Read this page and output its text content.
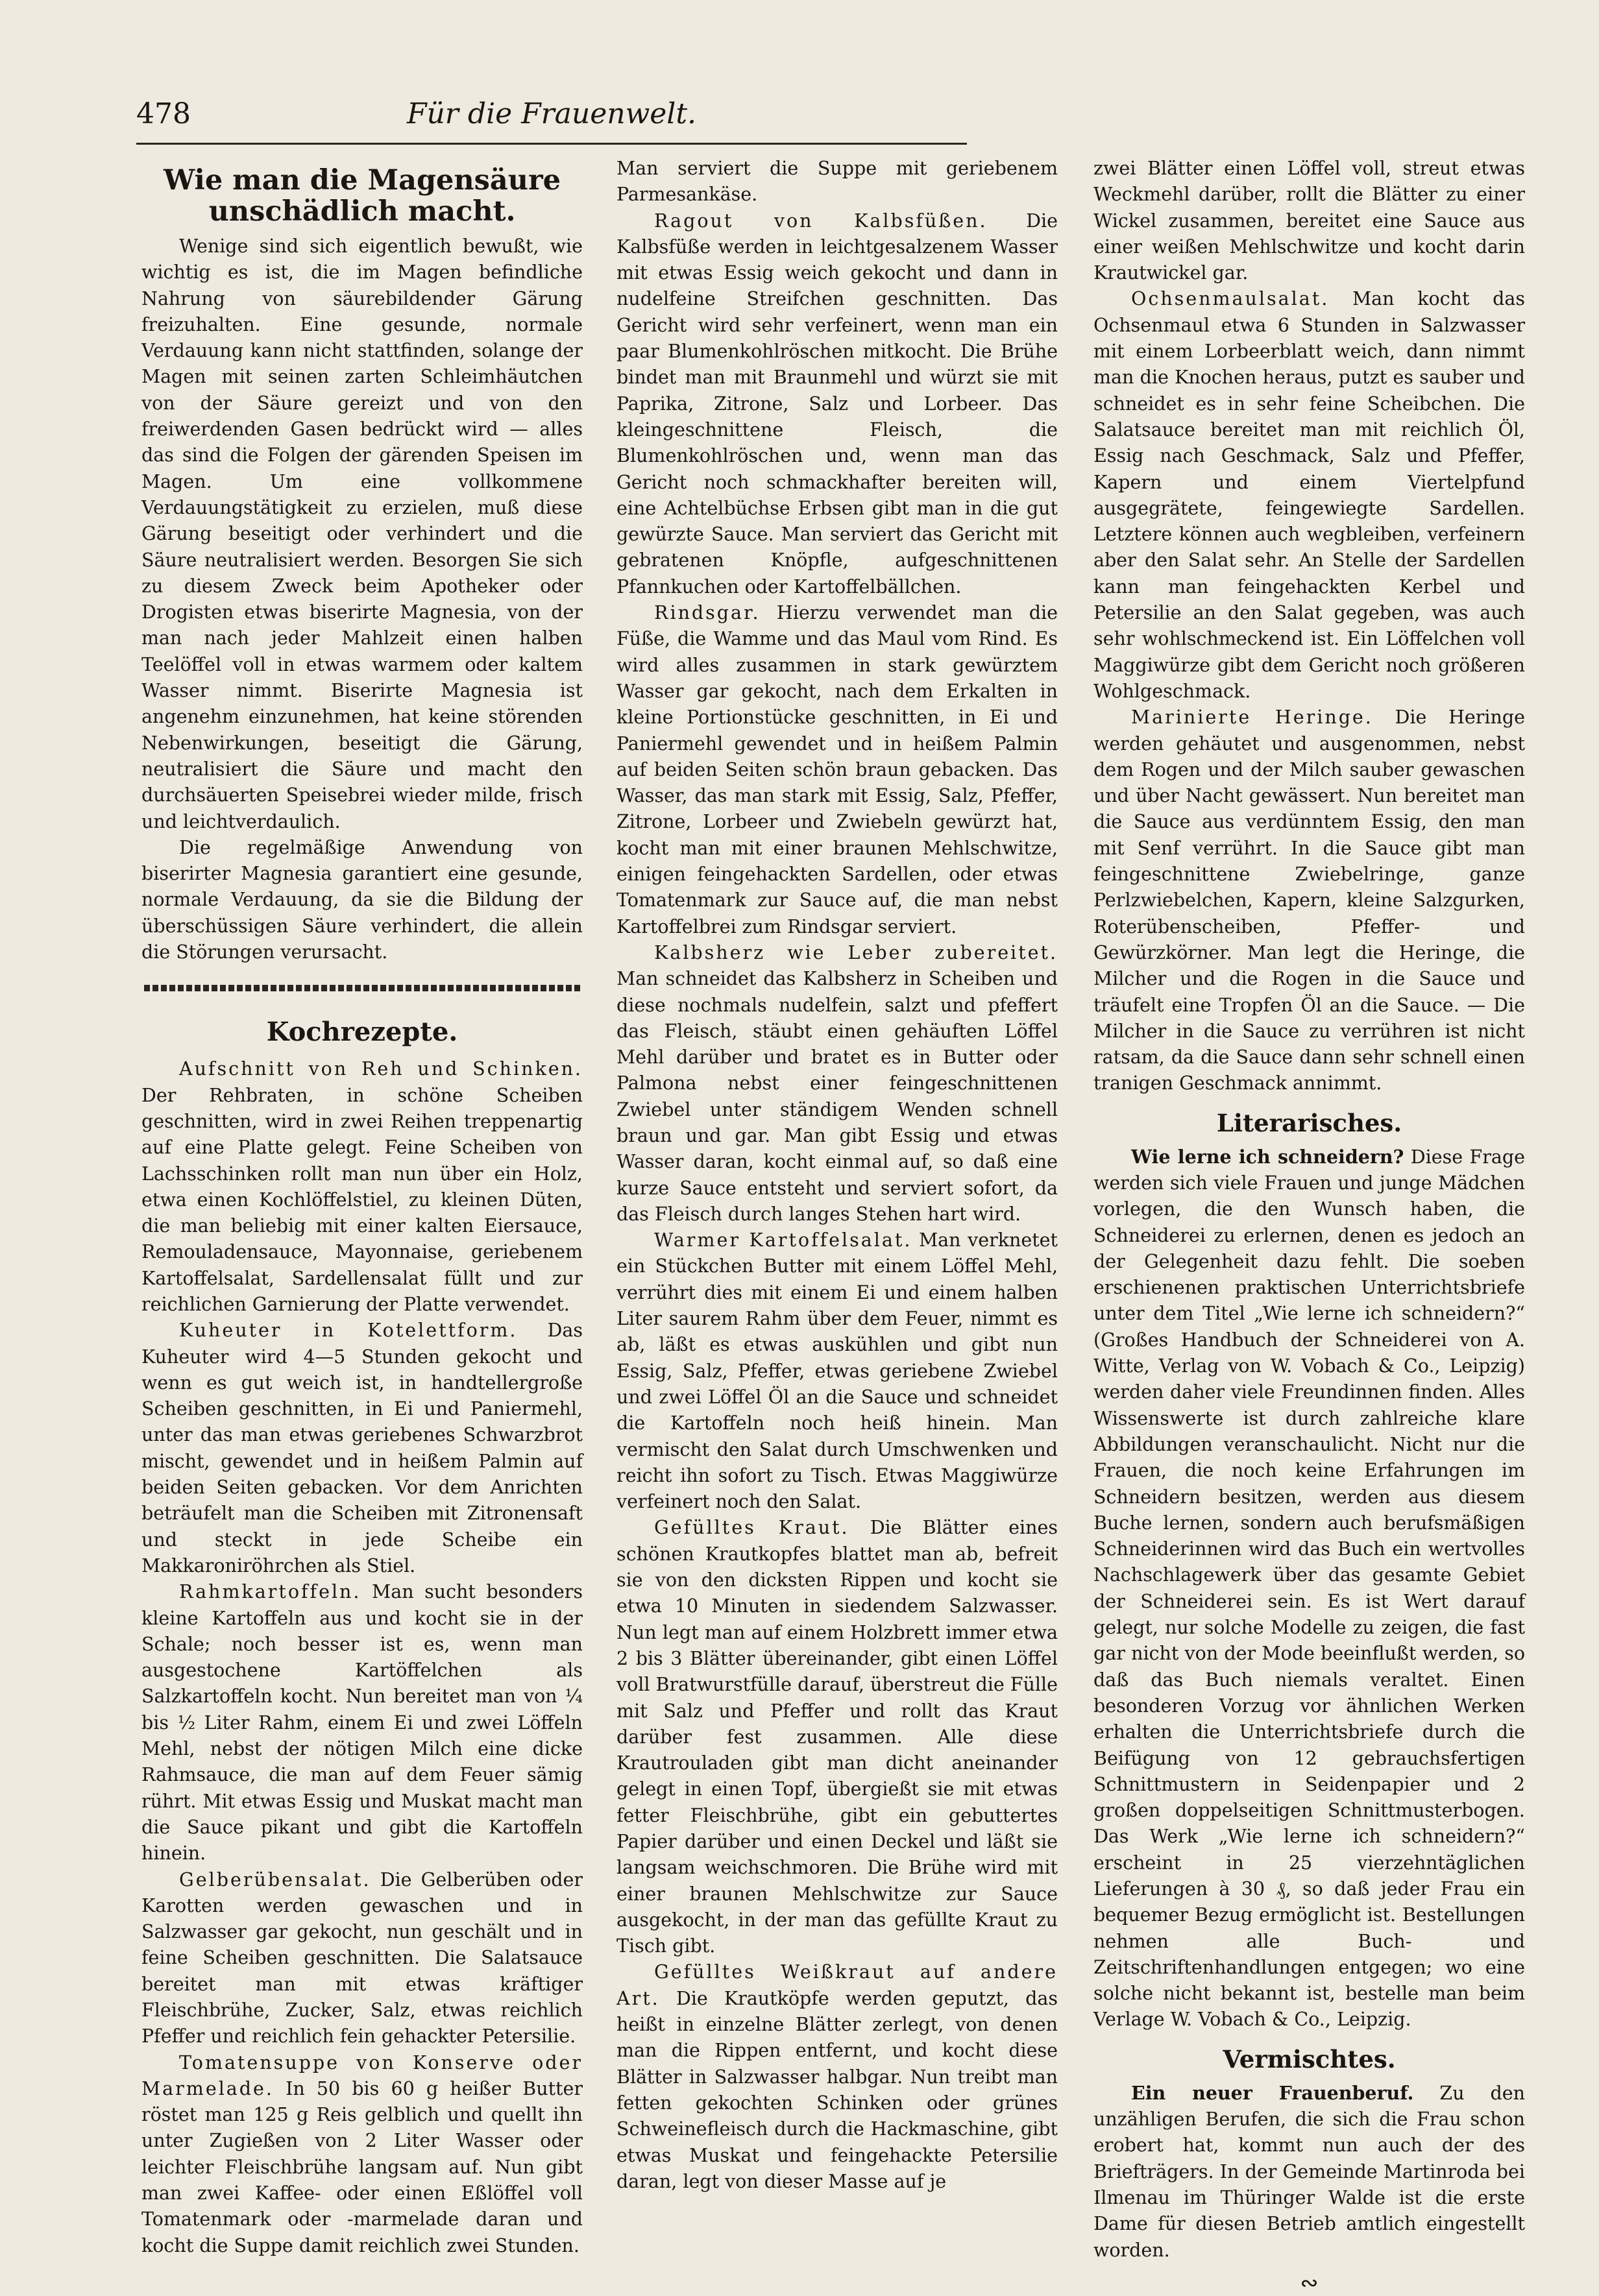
478	Für die Frauenwelt.
Wie man die Magensäure unschädlich macht.

Wenige sind sich eigentlich bewußt, wie wichtig es ist, die im Magen befindliche Nahrung von säurebildender Gärung freizuhalten. Eine gesunde, normale Verdauung kann nicht stattfinden, solange der Magen mit seinen zarten Schleimhäutchen von der Säure gereizt und von den freiwerdenden Gasen bedrückt wird — alles das sind die Folgen der gärenden Speisen im Magen. Um eine vollkommene Verdauungstätigkeit zu erzielen, muß diese Gärung beseitigt oder verhindert und die Säure neutralisiert werden. Besorgen Sie sich zu diesem Zweck beim Apotheker oder Drogisten etwas biserirte Magnesia, von der man nach jeder Mahlzeit einen halben Teelöffel voll in etwas warmem oder kaltem Wasser nimmt. Biserirte Magnesia ist angenehm einzunehmen, hat keine störenden Nebenwirkungen, beseitigt die Gärung, neutralisiert die Säure und macht den durchsäuerten Speisebrei wieder milde, frisch und leichtverdaulich.

Die regelmäßige Anwendung von biserirter Magnesia garantiert eine gesunde, normale Verdauung, da sie die Bildung der überschüssigen Säure verhindert, die allein die Störungen verursacht.

Kochrezepte.

Aufschnitt von Reh und Schinken. Der Rehbraten, in schöne Scheiben geschnitten, wird in zwei Reihen treppenartig auf eine Platte gelegt. Feine Scheiben von Lachsschinken rollt man nun über ein Holz, etwa einen Kochlöffelstiel, zu kleinen Düten, die man beliebig mit einer kalten Eiersauce, Remouladensauce, Mayonnaise, geriebenem Kartoffelsalat, Sardellensalat füllt und zur reichlichen Garnierung der Platte verwendet.

Kuheuter in Kotelettform. Das Kuheuter wird 4—5 Stunden gekocht und wenn es gut weich ist, in handtellergroße Scheiben geschnitten, in Ei und Paniermehl, unter das man etwas geriebenes Schwarzbrot mischt, gewendet und in heißem Palmin auf beiden Seiten gebacken. Vor dem Anrichten beträufelt man die Scheiben mit Zitronensaft und steckt in jede Scheibe ein Makkaroniröhrchen als Stiel.

Rahmkartoffeln. Man sucht besonders kleine Kartoffeln aus und kocht sie in der Schale; noch besser ist es, wenn man ausgestochene Kartöffelchen als Salzkartoffeln kocht. Nun bereitet man von ¼ bis ½ Liter Rahm, einem Ei und zwei Löffeln Mehl, nebst der nötigen Milch eine dicke Rahmsauce, die man auf dem Feuer sämig rührt. Mit etwas Essig und Muskat macht man die Sauce pikant und gibt die Kartoffeln hinein.

Gelberübensalat. Die Gelberüben oder Karotten werden gewaschen und in Salzwasser gar gekocht, nun geschält und in feine Scheiben geschnitten. Die Salatsauce bereitet man mit etwas kräftiger Fleischbrühe, Zucker, Salz, etwas reichlich Pfeffer und reichlich fein gehackter Petersilie.

Tomatensuppe von Konserve oder Marmelade. In 50 bis 60 g heißer Butter röstet man 125 g Reis gelblich und quellt ihn unter Zugießen von 2 Liter Wasser oder leichter Fleischbrühe langsam auf. Nun gibt man zwei Kaffee- oder einen Eßlöffel voll Tomatenmark oder -marmelade daran und kocht die Suppe damit reichlich zwei Stunden.

Man serviert die Suppe mit geriebenem Parmesankäse.

Ragout von Kalbsfüßen. Die Kalbsfüße werden in leichtgesalzenem Wasser mit etwas Essig weich gekocht und dann in nudelfeine Streifchen geschnitten. Das Gericht wird sehr verfeinert, wenn man ein paar Blumenkohlröschen mitkocht. Die Brühe bindet man mit Braunmehl und würzt sie mit Paprika, Zitrone, Salz und Lorbeer. Das kleingeschnittene Fleisch, die Blumenkohlröschen und, wenn man das Gericht noch schmackhafter bereiten will, eine Achtelbüchse Erbsen gibt man in die gut gewürzte Sauce. Man serviert das Gericht mit gebratenen Knöpfle, aufgeschnittenen Pfannkuchen oder Kartoffelbällchen.

Rindsgar. Hierzu verwendet man die Füße, die Wamme und das Maul vom Rind. Es wird alles zusammen in stark gewürztem Wasser gar gekocht, nach dem Erkalten in kleine Portionstücke geschnitten, in Ei und Paniermehl gewendet und in heißem Palmin auf beiden Seiten schön braun gebacken. Das Wasser, das man stark mit Essig, Salz, Pfeffer, Zitrone, Lorbeer und Zwiebeln gewürzt hat, kocht man mit einer braunen Mehlschwitze, einigen feingehackten Sardellen, oder etwas Tomatenmark zur Sauce auf, die man nebst Kartoffelbrei zum Rindsgar serviert.

Kalbsherz wie Leber zubereitet. Man schneidet das Kalbsherz in Scheiben und diese nochmals nudelfein, salzt und pfeffert das Fleisch, stäubt einen gehäuften Löffel Mehl darüber und bratet es in Butter oder Palmona nebst einer feingeschnittenen Zwiebel unter ständigem Wenden schnell braun und gar. Man gibt Essig und etwas Wasser daran, kocht einmal auf, so daß eine kurze Sauce entsteht und serviert sofort, da das Fleisch durch langes Stehen hart wird.

Warmer Kartoffelsalat. Man verknetet ein Stückchen Butter mit einem Löffel Mehl, verrührt dies mit einem Ei und einem halben Liter saurem Rahm über dem Feuer, nimmt es ab, läßt es etwas auskühlen und gibt nun Essig, Salz, Pfeffer, etwas geriebene Zwiebel und zwei Löffel Öl an die Sauce und schneidet die Kartoffeln noch heiß hinein. Man vermischt den Salat durch Umschwenken und reicht ihn sofort zu Tisch. Etwas Maggiwürze verfeinert noch den Salat.

Gefülltes Kraut. Die Blätter eines schönen Krautkopfes blattet man ab, befreit sie von den dicksten Rippen und kocht sie etwa 10 Minuten in siedendem Salzwasser. Nun legt man auf einem Holzbrett immer etwa 2 bis 3 Blätter übereinander, gibt einen Löffel voll Bratwurstfülle darauf, überstreut die Fülle mit Salz und Pfeffer und rollt das Kraut darüber fest zusammen. Alle diese Krautrouladen gibt man dicht aneinander gelegt in einen Topf, übergießt sie mit etwas fetter Fleischbrühe, gibt ein gebuttertes Papier darüber und einen Deckel und läßt sie langsam weichschmoren. Die Brühe wird mit einer braunen Mehlschwitze zur Sauce ausgekocht, in der man das gefüllte Kraut zu Tisch gibt.

Gefülltes Weißkraut auf andere Art. Die Krautköpfe werden geputzt, das heißt in einzelne Blätter zerlegt, von denen man die Rippen entfernt, und kocht diese Blätter in Salzwasser halbgar. Nun treibt man fetten gekochten Schinken oder grünes Schweinefleisch durch die Hackmaschine, gibt etwas Muskat und feingehackte Petersilie daran, legt von dieser Masse auf je

zwei Blätter einen Löffel voll, streut etwas Weckmehl darüber, rollt die Blätter zu einer Wickel zusammen, bereitet eine Sauce aus einer weißen Mehlschwitze und kocht darin Krautwickel gar.

Ochsenmaulsalat. Man kocht das Ochsenmaul etwa 6 Stunden in Salzwasser mit einem Lorbeerblatt weich, dann nimmt man die Knochen heraus, putzt es sauber und schneidet es in sehr feine Scheibchen. Die Salatsauce bereitet man mit reichlich Öl, Essig nach Geschmack, Salz und Pfeffer, Kapern und einem Viertelpfund ausgegrätete, feingewiegte Sardellen. Letztere können auch wegbleiben, verfeinern aber den Salat sehr. An Stelle der Sardellen kann man feingehackten Kerbel und Petersilie an den Salat gegeben, was auch sehr wohlschmeckend ist. Ein Löffelchen voll Maggiwürze gibt dem Gericht noch größeren Wohlgeschmack.

Marinierte Heringe. Die Heringe werden gehäutet und ausgenommen, nebst dem Rogen und der Milch sauber gewaschen und über Nacht gewässert. Nun bereitet man die Sauce aus verdünntem Essig, den man mit Senf verrührt. In die Sauce gibt man feingeschnittene Zwiebelringe, ganze Perlzwiebelchen, Kapern, kleine Salzgurken, Roterübenscheiben, Pfeffer- und Gewürzkörner. Man legt die Heringe, die Milcher und die Rogen in die Sauce und träufelt eine Tropfen Öl an die Sauce. — Die Milcher in die Sauce zu verrühren ist nicht ratsam, da die Sauce dann sehr schnell einen tranigen Geschmack annimmt.

Literarisches.

Wie lerne ich schneidern? Diese Frage werden sich viele Frauen und junge Mädchen vorlegen, die den Wunsch haben, die Schneiderei zu erlernen, denen es jedoch an der Gelegenheit dazu fehlt. Die soeben erschienenen praktischen Unterrichtsbriefe unter dem Titel „Wie lerne ich schneidern?“ (Großes Handbuch der Schneiderei von A. Witte, Verlag von W. Vobach & Co., Leipzig) werden daher viele Freundinnen finden. Alles Wissenswerte ist durch zahlreiche klare Abbildungen veranschaulicht. Nicht nur die Frauen, die noch keine Erfahrungen im Schneidern besitzen, werden aus diesem Buche lernen, sondern auch berufsmäßigen Schneiderinnen wird das Buch ein wertvolles Nachschlagewerk über das gesamte Gebiet der Schneiderei sein. Es ist Wert darauf gelegt, nur solche Modelle zu zeigen, die fast gar nicht von der Mode beeinflußt werden, so daß das Buch niemals veraltet. Einen besonderen Vorzug vor ähnlichen Werken erhalten die Unterrichtsbriefe durch die Beifügung von 12 gebrauchsfertigen Schnittmustern in Seidenpapier und 2 großen doppelseitigen Schnittmusterbogen. Das Werk „Wie lerne ich schneidern?“ erscheint in 25 vierzehntäglichen Lieferungen à 30 ₰, so daß jeder Frau ein bequemer Bezug ermöglicht ist. Bestellungen nehmen alle Buch- und Zeitschriftenhandlungen entgegen; wo eine solche nicht bekannt ist, bestelle man beim Verlage W. Vobach & Co., Leipzig.

Vermischtes.

Ein neuer Frauenberuf. Zu den unzähligen Berufen, die sich die Frau schon erobert hat, kommt nun auch der des Briefträgers. In der Gemeinde Martinroda bei Ilmenau im Thüringer Walde ist die erste Dame für diesen Betrieb amtlich eingestellt worden.

∾
